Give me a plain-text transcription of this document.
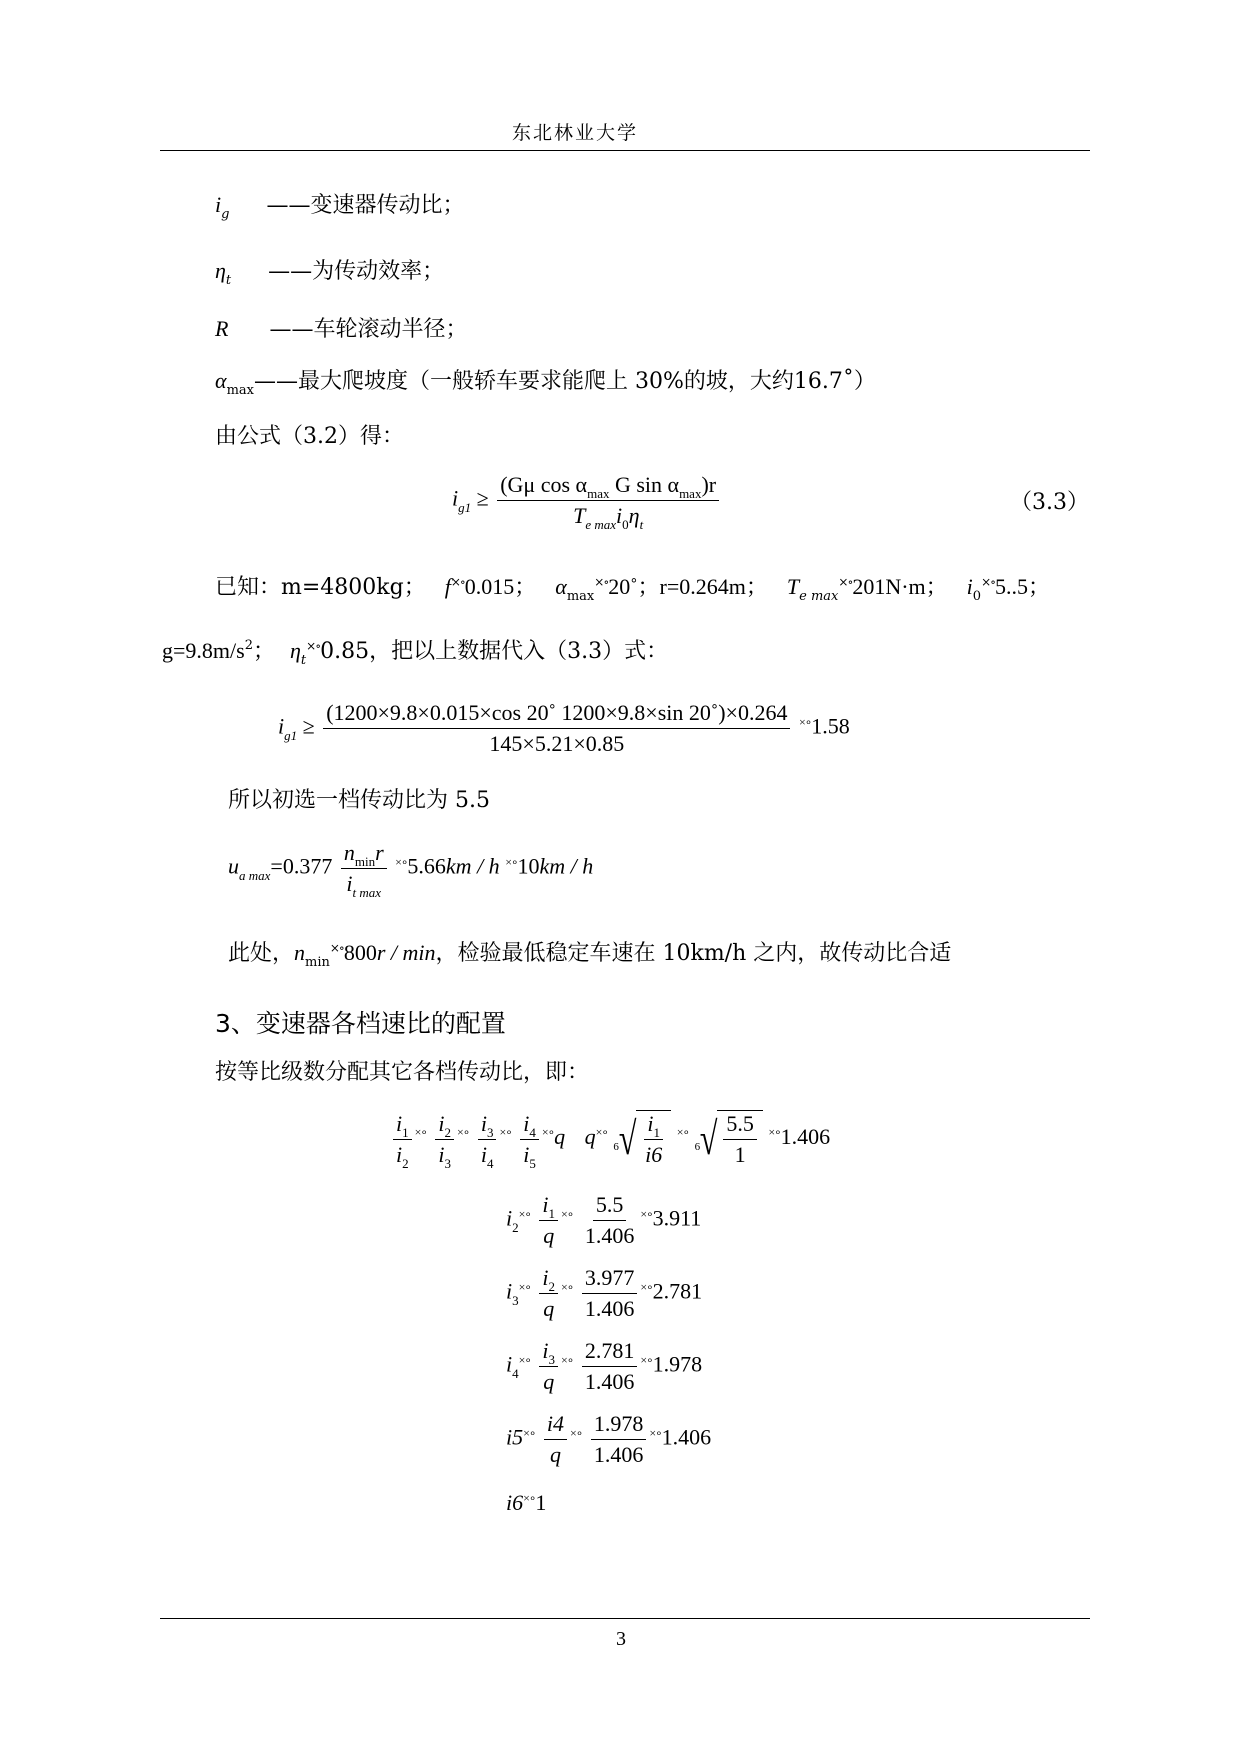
东北林业大学
$i_g$ ——变速器传动比；
$\eta_t$ ——为传动效率；
R ——车轮滚动半径；
$\alpha_{max}——$最大爬坡度（一般轿车要求能爬上 30%的坡，大约16.7˚）
由公式（3.2）得：
$i_{g1} \ge \frac{(G\mu \cos \alpha_{max} G \sin \alpha_{max})r}{T_{e max}i_0\eta_t}$	（3.3）
已知：m=4800kg； f×∘0.015； $\alpha_{max}^{\times\circ}20˚$；r=0.264m； $T_{e max}^{\times\circ}201N\cdot m$； $i_0^{\times\circ}5..5$；
$g=9.8m/s^2$； $\eta_t^{\times\circ}0.85$，把以上数据代入（3.3）式：
$i_{g1} \ge \frac{(1200\times 9.8\times 0.015\times\cos 20˚ 1200\times 9.8\times\sin 20˚)\times 0.264}{145\times 5.21\times 0.85} ^{\times\circ}1.58$
所以初选一档传动比为 5.5
$u_{a max}=0.377 \frac{n_{min}r}{i_{t max}} ^{\times\circ}5.66km / h$ ×∘10km / h
此处，$n_{min}^{\times\circ}800r$ / min，检验最低稳定车速在 10km/h 之内，故传动比合适
3、变速器各档速比的配置
按等比级数分配其它各档传动比，即：
$\frac{i_1}{i_2} ^{\times\circ} \frac{i_2}{i_3} ^{\times\circ} \frac{i_3}{i_4} ^{\times\circ} \frac{i_4}{i_5} ^{\times\circ}q$ q×∘
6 √ $\frac{i_1}{i6} ^{\times\circ}$
6 √ $\frac{5.5}{1} ^{\times\circ}1.406$
$i_2^{\times\circ} \frac{i_1}{q} ^{\times\circ} \frac{5.5}{1.406} ^{\times\circ}3.911$
$i_3^{\times\circ} \frac{i_2}{q} ^{\times\circ} \frac{3.977}{1.406} ^{\times\circ}2.781$
$i_4^{\times\circ} \frac{i_3}{q} ^{\times\circ} \frac{2.781}{1.406} ^{\times\circ}1.978$
$i5^{\times\circ} \frac{i4}{q} ^{\times\circ} \frac{1.978}{1.406} ^{\times\circ}1.406$
i6×∘1
3
